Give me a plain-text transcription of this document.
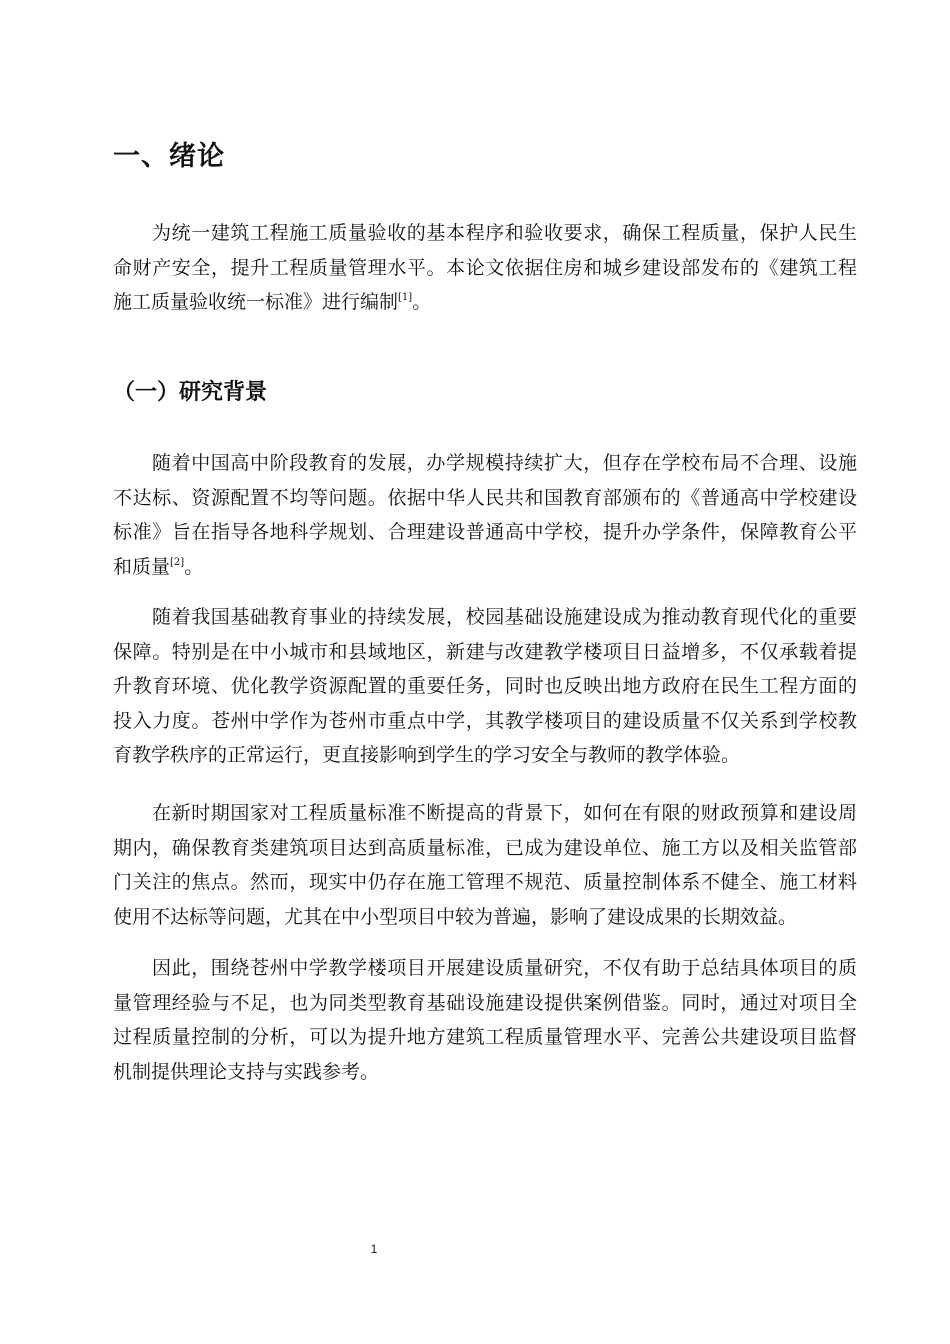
一、绪论

为统一建筑工程施工质量验收的基本程序和验收要求，确保工程质量，保护人民生
命财产安全，提升工程质量管理水平。本论文依据住房和城乡建设部发布的《建筑工程
施工质量验收统一标准》进行编制[1]。

（一）研究背景

随着中国高中阶段教育的发展，办学规模持续扩大，但存在学校布局不合理、设施
不达标、资源配置不均等问题。依据中华人民共和国教育部颁布的《普通高中学校建设
标准》旨在指导各地科学规划、合理建设普通高中学校，提升办学条件，保障教育公平
和质量[2]。

随着我国基础教育事业的持续发展，校园基础设施建设成为推动教育现代化的重要
保障。特别是在中小城市和县域地区，新建与改建教学楼项目日益增多，不仅承载着提
升教育环境、优化教学资源配置的重要任务，同时也反映出地方政府在民生工程方面的
投入力度。苍州中学作为苍州市重点中学，其教学楼项目的建设质量不仅关系到学校教
育教学秩序的正常运行，更直接影响到学生的学习安全与教师的教学体验。

在新时期国家对工程质量标准不断提高的背景下，如何在有限的财政预算和建设周
期内，确保教育类建筑项目达到高质量标准，已成为建设单位、施工方以及相关监管部
门关注的焦点。然而，现实中仍存在施工管理不规范、质量控制体系不健全、施工材料
使用不达标等问题，尤其在中小型项目中较为普遍，影响了建设成果的长期效益。

因此，围绕苍州中学教学楼项目开展建设质量研究，不仅有助于总结具体项目的质
量管理经验与不足，也为同类型教育基础设施建设提供案例借鉴。同时，通过对项目全
过程质量控制的分析，可以为提升地方建筑工程质量管理水平、完善公共建设项目监督
机制提供理论支持与实践参考。

1
